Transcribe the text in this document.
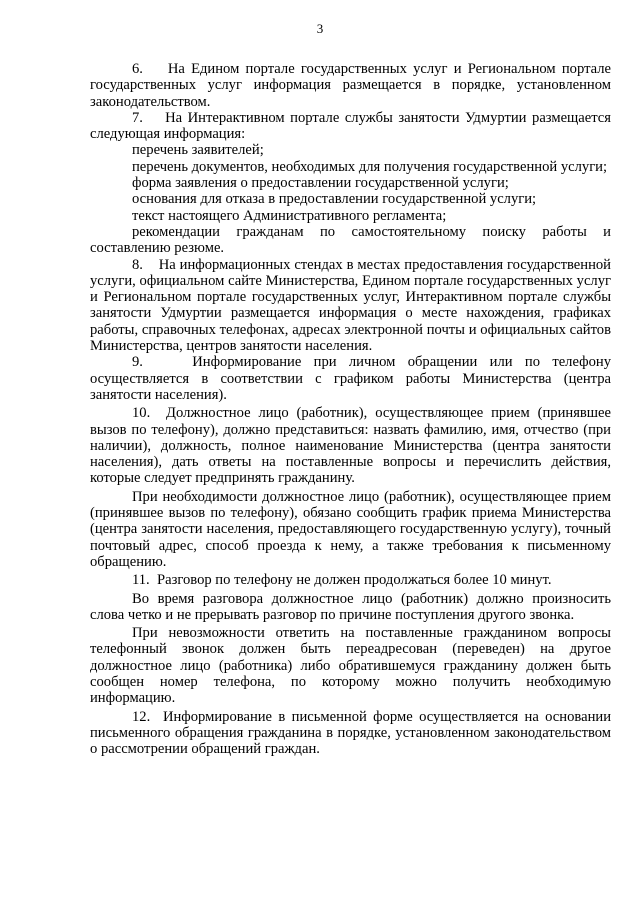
3

6.    На Едином портале государственных услуг и Региональном портале государственных услуг информация размещается в порядке, установленном законодательством.

7.    На Интерактивном портале службы занятости Удмуртии размещается следующая информация:

перечень заявителей;

перечень документов, необходимых для получения государственной услуги;

форма заявления о предоставлении государственной услуги;

основания для отказа в предоставлении государственной услуги;

текст настоящего Административного регламента;

рекомендации гражданам по самостоятельному поиску работы и составлению резюме.

8.    На информационных стендах в местах предоставления государственной услуги, официальном сайте Министерства, Едином портале государственных услуг и Региональном портале государственных услуг, Интерактивном портале службы занятости Удмуртии размещается информация о месте нахождения, графиках работы, справочных телефонах, адресах электронной почты и официальных сайтов Министерства, центров занятости населения.

9.    Информирование при личном обращении или по телефону осуществляется в соответствии с графиком работы Министерства (центра занятости населения).

10.  Должностное лицо (работник), осуществляющее прием (принявшее вызов по телефону), должно представиться: назвать фамилию, имя, отчество (при наличии), должность, полное наименование Министерства (центра занятости населения), дать ответы на поставленные вопросы и перечислить действия, которые следует предпринять гражданину.

При необходимости должностное лицо (работник), осуществляющее прием (принявшее вызов по телефону), обязано сообщить график приема Министерства (центра занятости населения, предоставляющего государственную услугу), точный почтовый адрес, способ проезда к нему, а также требования к письменному обращению.

11.  Разговор по телефону не должен продолжаться более 10 минут.

Во время разговора должностное лицо (работник) должно произносить слова четко и не прерывать разговор по причине поступления другого звонка.

При невозможности ответить на поставленные гражданином вопросы телефонный звонок должен быть переадресован (переведен) на другое должностное лицо (работника) либо обратившемуся гражданину должен быть сообщен номер телефона, по которому можно получить необходимую информацию.

12.  Информирование в письменной форме осуществляется на основании письменного обращения гражданина в порядке, установленном законодательством о рассмотрении обращений граждан.
